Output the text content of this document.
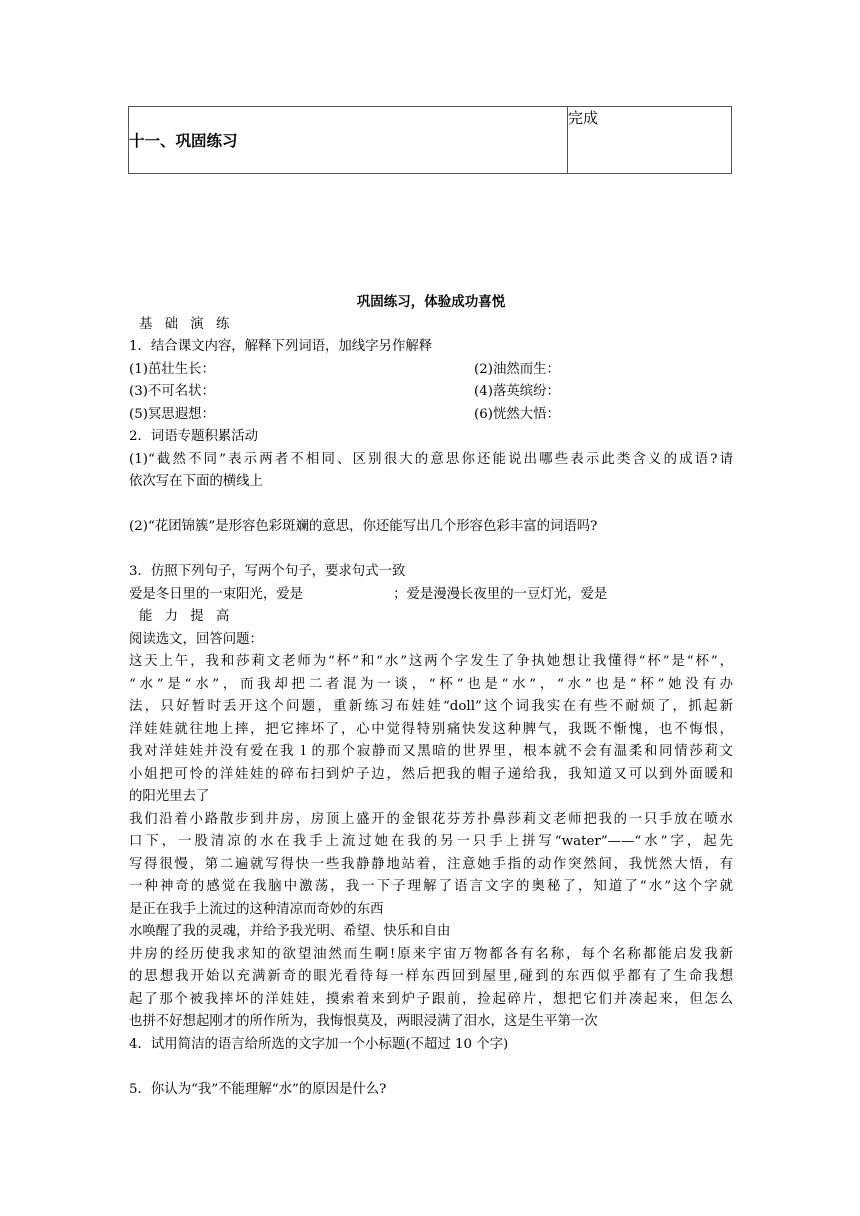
十一、巩固练习	完成
巩固练习，体验成功喜悦
基 础 演 练
1．结合课文内容，解释下列词语，加线字另作解释
(1)茁壮生长：	(2)油然而生：
(3)不可名状：	(4)落英缤纷：
(5)冥思遐想：	(6)恍然大悟：
2．词语专题积累活动
(1)“截然不同”表示两者不相同、区别很大的意思你还能说出哪些表示此类含义的成语?请
依次写在下面的横线上
(2)“花团锦簇”是形容色彩斑斓的意思，你还能写出几个形容色彩丰富的词语吗?
3．仿照下列句子，写两个句子，要求句式一致
爱是冬日里的一束阳光，爱是	；爱是漫漫长夜里的一豆灯光，爱是
能 力 提 高
阅读选文，回答问题：
这天上午，我和莎莉文老师为“杯”和“水”这两个字发生了争执她想让我懂得“杯”是“杯”，
“水”是“水”，而我却把二者混为一谈，“杯”也是“水”，“水”也是“杯”她没有办
法，只好暂时丢开这个问题，重新练习布娃娃“doll”这个词我实在有些不耐烦了，抓起新
洋娃娃就往地上摔，把它摔坏了，心中觉得特别痛快发这种脾气，我既不惭愧，也不悔恨，
我对洋娃娃并没有爱在我 l 的那个寂静而又黑暗的世界里，根本就不会有温柔和同情莎莉文
小姐把可怜的洋娃娃的碎布扫到炉子边，然后把我的帽子递给我，我知道又可以到外面暖和
的阳光里去了
我们沿着小路散步到井房，房顶上盛开的金银花芬芳扑鼻莎莉文老师把我的一只手放在喷水
口下，一股清凉的水在我手上流过她在我的另一只手上拼写“water”——“水”字，起先
写得很慢，第二遍就写得快一些我静静地站着，注意她手指的动作突然间，我恍然大悟，有
一种神奇的感觉在我脑中激荡，我一下子理解了语言文字的奥秘了，知道了“水”这个字就
是正在我手上流过的这种清凉而奇妙的东西
水唤醒了我的灵魂，并给予我光明、希望、快乐和自由
井房的经历使我求知的欲望油然而生啊!原来宇宙万物都各有名称，每个名称都能启发我新
的思想我开始以充满新奇的眼光看待每一样东西回到屋里,碰到的东西似乎都有了生命我想
起了那个被我摔坏的洋娃娃，摸索着来到炉子跟前，捡起碎片，想把它们并凑起来，但怎么
也拼不好想起刚才的所作所为，我悔恨莫及，两眼浸满了泪水，这是生平第一次
4．试用简洁的语言给所选的文字加一个小标题(不超过 10 个字)
5．你认为“我”不能理解“水”的原因是什么?
